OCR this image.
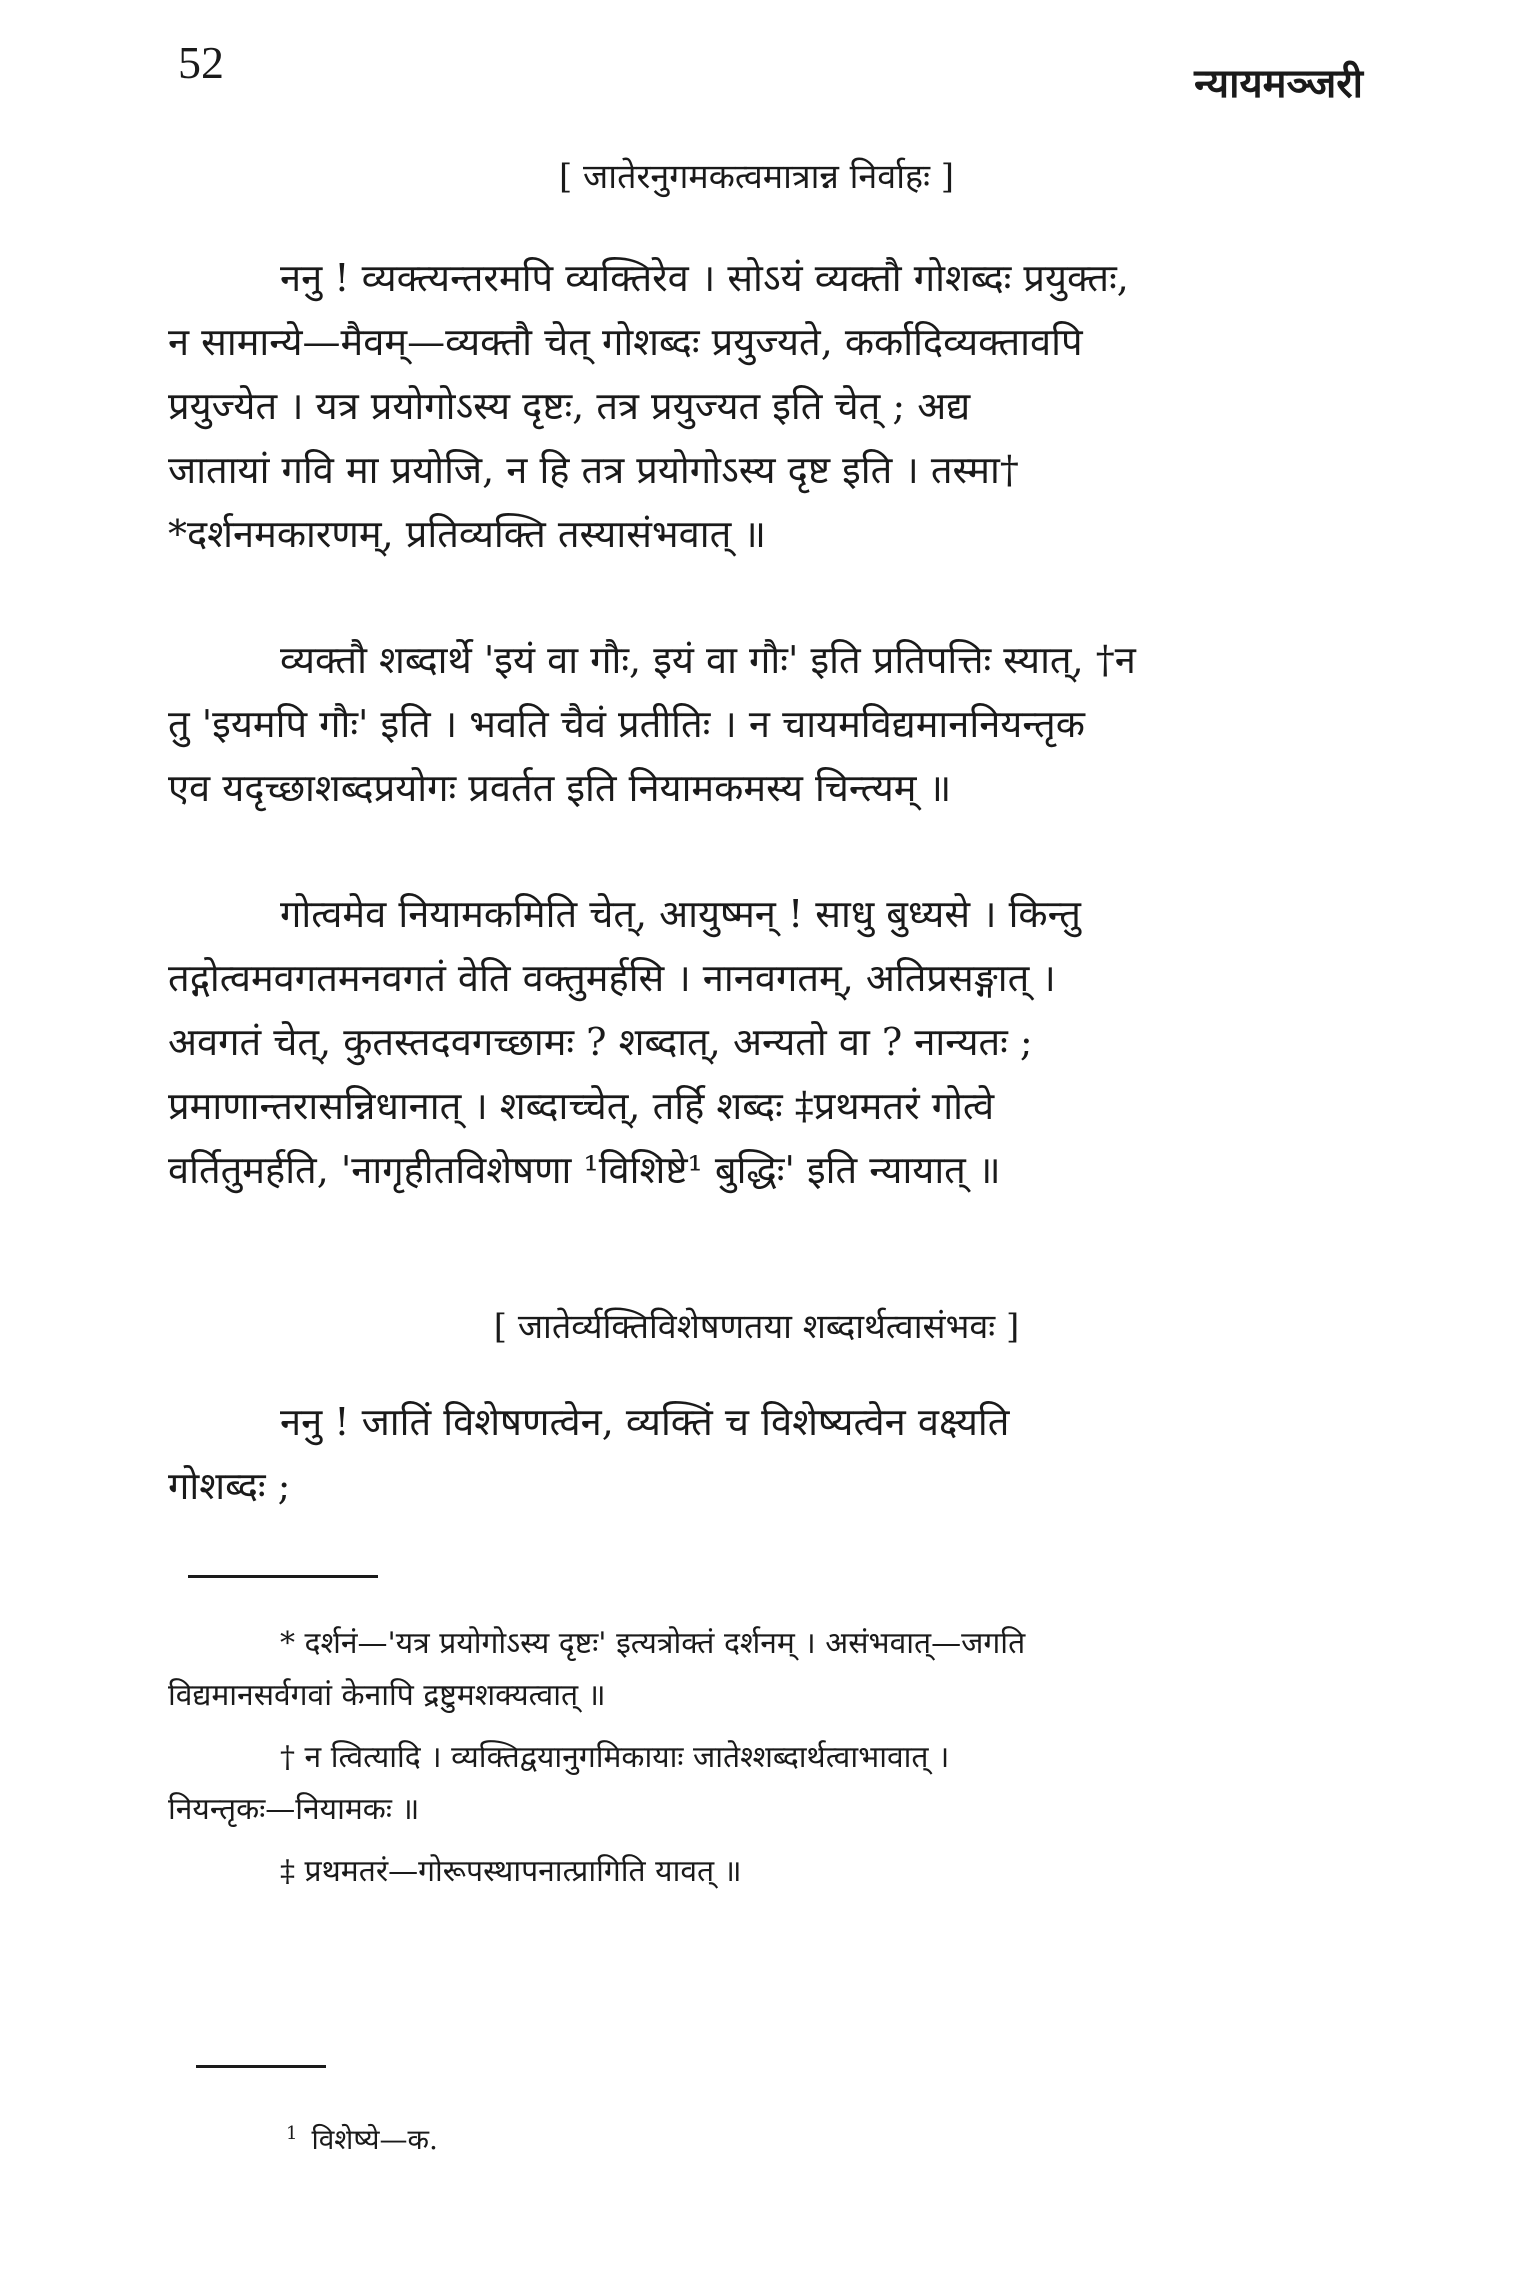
52	न्यायमञ्जरी
[ जातेरनुगमकत्वमात्रान्न निर्वाहः ]
ननु ! व्यक्त्यन्तरमपि व्यक्तिरेव । सोऽयं व्यक्तौ गोशब्दः प्रयुक्तः,
न सामान्ये—मैवम्—व्यक्तौ चेत् गोशब्दः प्रयुज्यते, कर्कादिव्यक्तावपि
प्रयुज्येत । यत्र प्रयोगोऽस्य दृष्टः, तत्र प्रयुज्यत इति चेत् ; अद्य
जातायां गवि मा प्रयोजि, न हि तत्र प्रयोगोऽस्य दृष्ट इति । तस्मा†
*दर्शनमकारणम्, प्रतिव्यक्ति तस्यासंभवात् ॥
व्यक्तौ शब्दार्थे 'इयं वा गौः, इयं वा गौः' इति प्रतिपत्तिः स्यात्, †न
तु 'इयमपि गौः' इति । भवति चैवं प्रतीतिः । न चायमविद्यमाननियन्तृक
एव यदृच्छाशब्दप्रयोगः प्रवर्तत इति नियामकमस्य चिन्त्यम् ॥
गोत्वमेव नियामकमिति चेत्, आयुष्मन् ! साधु बुध्यसे । किन्तु
तद्गोत्वमवगतमनवगतं वेति वक्तुमर्हसि । नानवगतम्, अतिप्रसङ्गात् ।
अवगतं चेत्, कुतस्तदवगच्छामः ? शब्दात्, अन्यतो वा ? नान्यतः ;
प्रमाणान्तरासन्निधानात् । शब्दाच्चेत्, तर्हि शब्दः ‡प्रथमतरं गोत्वे
वर्तितुमर्हति, 'नागृहीतविशेषणा ¹विशिष्टे¹ बुद्धिः' इति न्यायात् ॥
[ जातेर्व्यक्तिविशेषणतया शब्दार्थत्वासंभवः ]
ननु ! जातिं विशेषणत्वेन, व्यक्तिं च विशेष्यत्वेन वक्ष्यति
गोशब्दः ;
* दर्शनं—'यत्र प्रयोगोऽस्य दृष्टः' इत्यत्रोक्तं दर्शनम् । असंभवात्—जगति
विद्यमानसर्वगवां केनापि द्रष्टुमशक्यत्वात् ॥
† न त्वित्यादि । व्यक्तिद्वयानुगमिकायाः जातेश्शब्दार्थत्वाभावात् ।
नियन्तृकः—नियामकः ॥
‡ प्रथमतरं—गोरूपस्थापनात्प्रागिति यावत् ॥
$^1$ विशेष्ये—क.
